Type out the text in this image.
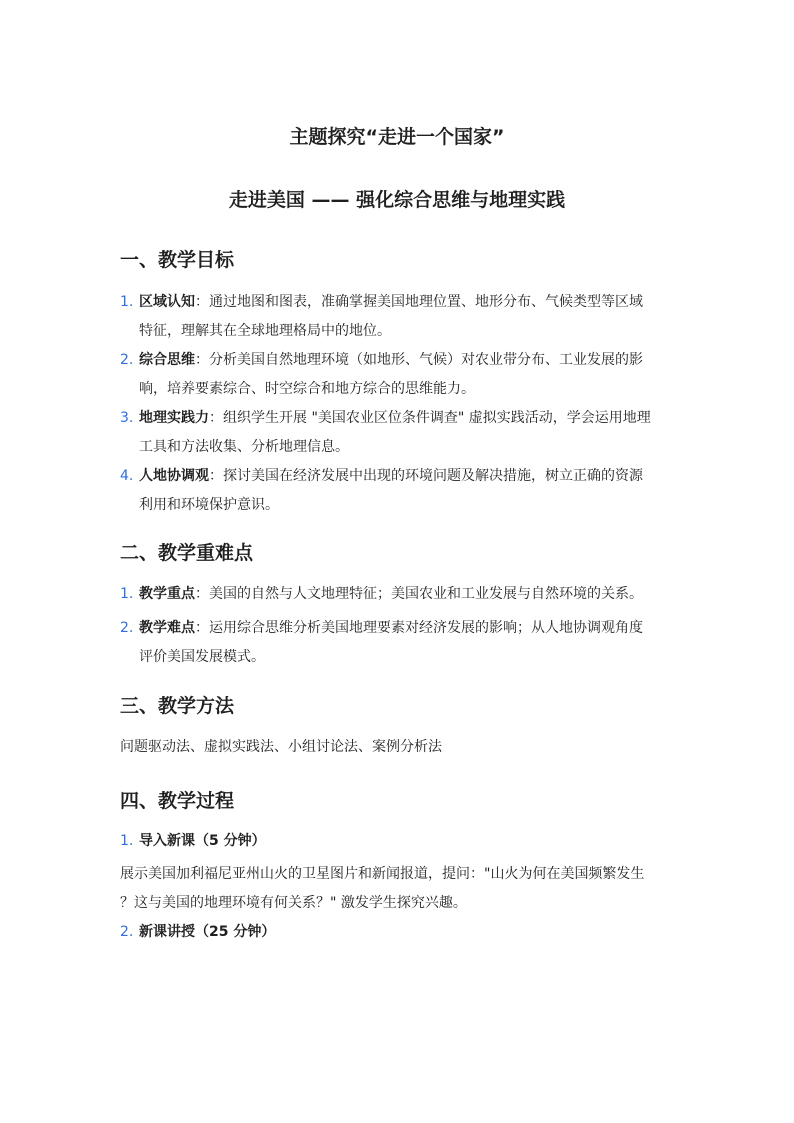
主题探究“走进一个国家”
走进美国 —— 强化综合思维与地理实践
一、教学目标
1. 区域认知：通过地图和图表，准确掌握美国地理位置、地形分布、气候类型等区域
特征，理解其在全球地理格局中的地位。
2. 综合思维：分析美国自然地理环境（如地形、气候）对农业带分布、工业发展的影
响，培养要素综合、时空综合和地方综合的思维能力。
3. 地理实践力：组织学生开展 "美国农业区位条件调查" 虚拟实践活动，学会运用地理
工具和方法收集、分析地理信息。
4. 人地协调观：探讨美国在经济发展中出现的环境问题及解决措施，树立正确的资源
利用和环境保护意识。
二、教学重难点
1. 教学重点：美国的自然与人文地理特征；美国农业和工业发展与自然环境的关系。
2. 教学难点：运用综合思维分析美国地理要素对经济发展的影响；从人地协调观角度
评价美国发展模式。
三、教学方法
问题驱动法、虚拟实践法、小组讨论法、案例分析法
四、教学过程
1. 导入新课（5 分钟）
展示美国加利福尼亚州山火的卫星图片和新闻报道，提问："山火为何在美国频繁发生
？这与美国的地理环境有何关系？" 激发学生探究兴趣。
2. 新课讲授（25 分钟）
